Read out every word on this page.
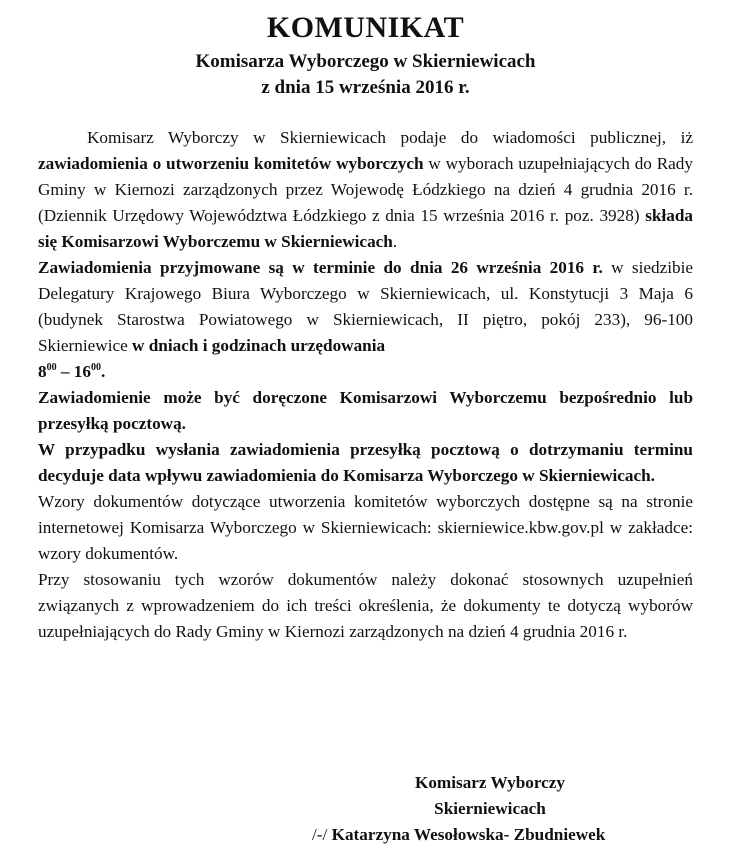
KOMUNIKAT
Komisarza Wyborczego w Skierniewicach
z dnia 15 września 2016 r.

Komisarz Wyborczy w Skierniewicach podaje do wiadomości publicznej, iż zawiadomienia o utworzeniu komitetów wyborczych w wyborach uzupełniających do Rady Gminy w Kiernozi zarządzonych przez Wojewodę Łódzkiego na dzień 4 grudnia 2016 r. (Dziennik Urzędowy Województwa Łódzkiego z dnia 15 września 2016 r. poz. 3928) składa się Komisarzowi Wyborczemu w Skierniewicach.

Zawiadomienia przyjmowane są w terminie do dnia 26 września 2016 r. w siedzibie Delegatury Krajowego Biura Wyborczego w Skierniewicach, ul. Konstytucji 3 Maja 6 (budynek Starostwa Powiatowego w Skierniewicach, II piętro, pokój 233), 96-100 Skierniewice w dniach i godzinach urzędowania
$8^{00} - 16^{00}$.

Zawiadomienie może być doręczone Komisarzowi Wyborczemu bezpośrednio lub przesyłką pocztową.

W przypadku wysłania zawiadomienia przesyłką pocztową o dotrzymaniu terminu decyduje data wpływu zawiadomienia do Komisarza Wyborczego w Skierniewicach.

Wzory dokumentów dotyczące utworzenia komitetów wyborczych dostępne są na stronie internetowej Komisarza Wyborczego w Skierniewicach: skierniewice.kbw.gov.pl w zakładce: wzory dokumentów.

Przy stosowaniu tych wzorów dokumentów należy dokonać stosownych uzupełnień związanych z wprowadzeniem do ich treści określenia, że dokumenty te dotyczą wyborów uzupełniających do Rady Gminy w Kiernozi zarządzonych na dzień 4 grudnia 2016 r.

Komisarz Wyborczy
Skierniewicach
/-/ Katarzyna Wesołowska- Zbudniewek
